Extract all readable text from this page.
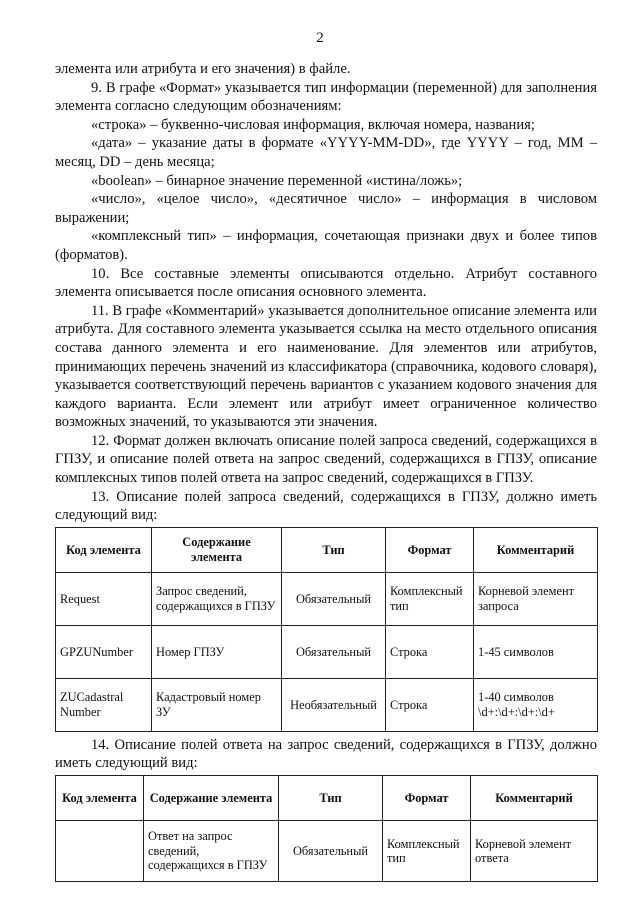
2

элемента или атрибута и его значения) в файле.

9. В графе «Формат» указывается тип информации (переменной) для заполнения элемента согласно следующим обозначениям:

«строка» – буквенно-числовая информация, включая номера, названия;

«дата» – указание даты в формате «YYYY-MM-DD», где YYYY – год, MM – месяц, DD – день месяца;

«boolean» – бинарное значение переменной «истина/ложь»;

«число», «целое число», «десятичное число» – информация в числовом выражении;

«комплексный тип» – информация, сочетающая признаки двух и более типов (форматов).

10. Все составные элементы описываются отдельно. Атрибут составного элемента описывается после описания основного элемента.

11. В графе «Комментарий» указывается дополнительное описание элемента или атрибута. Для составного элемента указывается ссылка на место отдельного описания состава данного элемента и его наименование. Для элементов или атрибутов, принимающих перечень значений из классификатора (справочника, кодового словаря), указывается соответствующий перечень вариантов с указанием кодового значения для каждого варианта. Если элемент или атрибут имеет ограниченное количество возможных значений, то указываются эти значения.

12. Формат должен включать описание полей запроса сведений, содержащихся в ГПЗУ, и описание полей ответа на запрос сведений, содержащихся в ГПЗУ, описание комплексных типов полей ответа на запрос сведений, содержащихся в ГПЗУ.

13. Описание полей запроса сведений, содержащихся в ГПЗУ, должно иметь следующий вид:

Код элемента	Содержание элемента	Тип	Формат	Комментарий
Request	Запрос сведений, содержащихся в ГПЗУ	Обязательный	Комплексный тип	Корневой элемент запроса
GPZUNumber	Номер ГПЗУ	Обязательный	Строка	1-45 символов
ZUCadastral Number	Кадастровый номер ЗУ	Необязательный	Строка	1-40 символов \d+:\d+:\d+:\d+

14. Описание полей ответа на запрос сведений, содержащихся в ГПЗУ, должно иметь следующий вид:

Код элемента	Содержание элемента	Тип	Формат	Комментарий
	Ответ на запрос сведений, содержащихся в ГПЗУ	Обязательный	Комплексный тип	Корневой элемент ответа
